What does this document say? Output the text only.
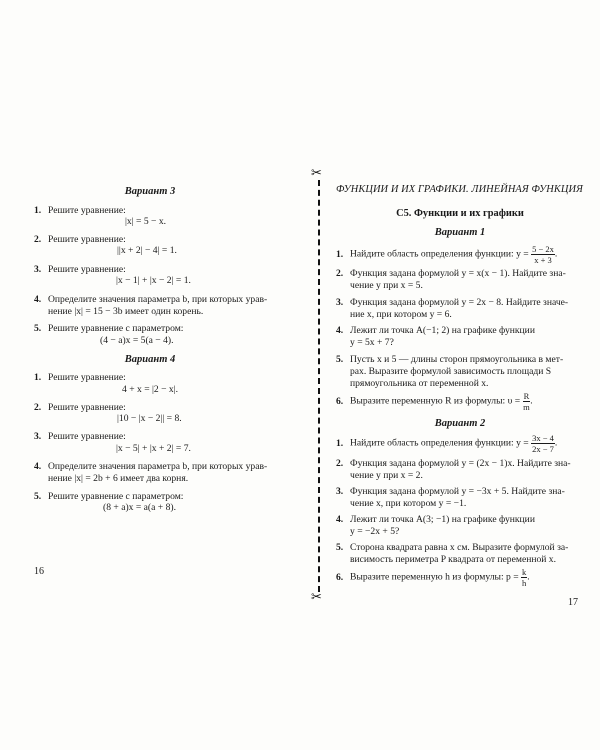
Вариант 3
1. Решите уравнение:
|x| = 5 − x.
2. Решите уравнение:
||x + 2| − 4| = 1.
3. Решите уравнение:
|x − 1| + |x − 2| = 1.
4. Определите значения параметра b, при которых урав-
нение |x| = 15 − 3b имеет один корень.
5. Решите уравнение с параметром:
(4 − a)x = 5(a − 4).
Вариант 4
1. Решите уравнение:
4 + x = |2 − x|.
2. Решите уравнение:
|10 − |x − 2|| = 8.
3. Решите уравнение:
|x − 5| + |x + 2| = 7.
4. Определите значения параметра b, при которых урав-
нение |x| = 2b + 6 имеет два корня.
5. Решите уравнение с параметром:
(8 + a)x = a(a + 8).
16
✂
✂
ФУНКЦИИ И ИХ ГРАФИКИ. ЛИНЕЙНАЯ ФУНКЦИЯ
С5. Функции и их графики
Вариант 1
1. Найдите область определения функции: $y = \frac{5 - 2x}{x + 3}$ .
2. Функция задана формулой y = x(x − 1). Найдите зна-
чение y при x = 5.
3. Функция задана формулой y = 2x − 8. Найдите значе-
ние x, при котором y = 6.
4. Лежит ли точка A(−1; 2) на графике функции
y = 5x + 7?
5. Пусть x и 5 — длины сторон прямоугольника в мет-
рах. Выразите формулой зависимость площади S
прямоугольника от переменной x.
6. Выразите переменную R из формулы: $\upsilon = \frac{R}{m}$ .
Вариант 2
1. Найдите область определения функции: $y = \frac{3x - 4}{2x - 7}$ .
2. Функция задана формулой y = (2x − 1)x. Найдите зна-
чение y при x = 2.
3. Функция задана формулой y = −3x + 5. Найдите зна-
чение x, при котором y = −1.
4. Лежит ли точка A(3; −1) на графике функции
y = −2x + 5?
5. Сторона квадрата равна x см. Выразите формулой за-
висимость периметра P квадрата от переменной x.
6. Выразите переменную h из формулы: $p = \frac{k}{h}$ .
17
